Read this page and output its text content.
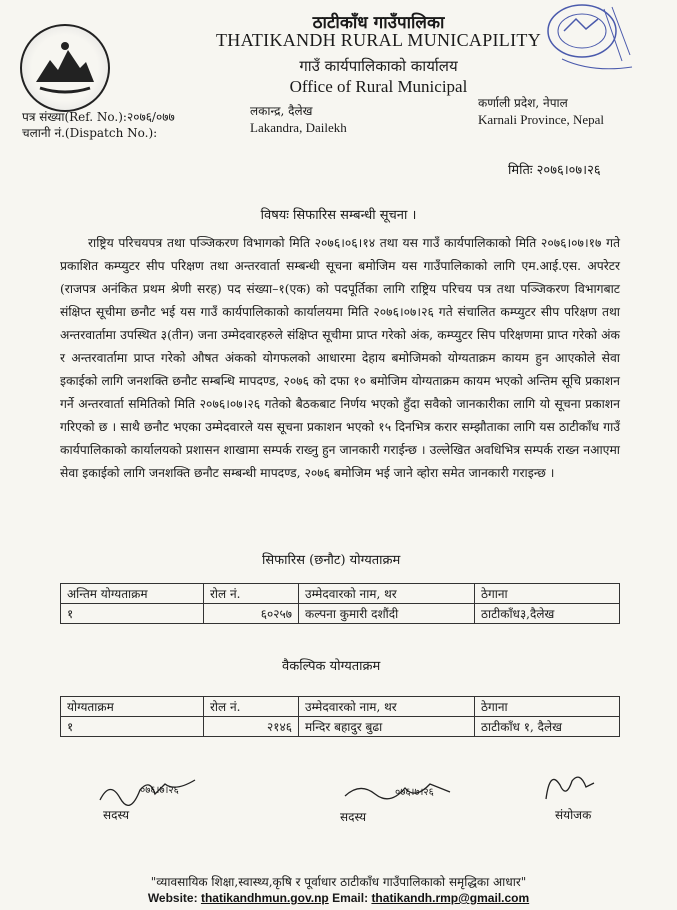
ठाटीकाँध गाउँपालिका
THATIKANDH RURAL MUNICAPILITY
गाउँ कार्यपालिकाको कार्यालय
Office of Rural Municipal
पत्र संख्या(Ref. No.):२०७६/०७७
चलानी नं.(Dispatch No.):
लकान्द्र, दैलेख
Lakandra, Dailekh
कर्णाली प्रदेश, नेपाल
Karnali Province, Nepal
मितिः २०७६।०७।२६
विषयः सिफारिस सम्बन्धी सूचना ।

राष्ट्रिय परिचयपत्र तथा पञ्जिकरण विभागको मिति २०७६।०६।१४ तथा यस गाउँ कार्यपालिकाको मिति २०७६।०७।१७ गते प्रकाशित कम्प्युटर सीप परिक्षण तथा अन्तरवार्ता सम्बन्धी सूचना बमोजिम यस गाउँपालिकाको लागि एम.आई.एस. अपरेटर (राजपत्र अनंकित प्रथम श्रेणी सरह) पद संख्या–१(एक) को पदपूर्तिका लागि राष्ट्रिय परिचय पत्र तथा पञ्जिकरण विभागबाट संक्षिप्त सूचीमा छनौट भई यस गाउँ कार्यपालिकाको कार्यालयमा मिति २०७६।०७।२६ गते संचालित कम्प्युटर सीप परिक्षण तथा अन्तरवार्तामा उपस्थित ३(तीन) जना उम्मेदवारहरुले संक्षिप्त सूचीमा प्राप्त गरेको अंक, कम्प्युटर सिप परिक्षणमा प्राप्त गरेको अंक र अन्तरवार्तामा प्राप्त गरेको औषत अंकको योगफलको आधारमा देहाय बमोजिमको योग्यताक्रम कायम हुन आएकोले सेवा इकाईको लागि जनशक्ति छनौट सम्बन्धि मापदण्ड, २०७६ को दफा १० बमोजिम योग्यताक्रम कायम भएको अन्तिम सूचि प्रकाशन गर्ने अन्तरवार्ता समितिको मिति २०७६।०७।२६ गतेको बैठकबाट निर्णय भएको हुँदा सवैको जानकारीका लागि यो सूचना प्रकाशन गरिएको छ । साथै छनौट भएका उम्मेदवारले यस सूचना प्रकाशन भएको १५ दिनभित्र करार सम्झौताका लागि यस ठाटीकाँध गाउँ कार्यपालिकाको कार्यालयको प्रशासन शाखामा सम्पर्क राख्नु हुन जानकारी गराईन्छ । उल्लेखित अवधिभित्र सम्पर्क राख्न नआएमा सेवा इकाईको लागि जनशक्ति छनौट सम्बन्धी मापदण्ड, २०७६ बमोजिम भई जाने व्होरा समेत जानकारी गराइन्छ ।

सिफारिस (छनौट) योग्यताक्रम
अन्तिम योग्यताक्रम	रोल नं.	उम्मेदवारको नाम, थर	ठेगाना
१	६०२५७	कल्पना कुमारी दशौंदी	ठाटीकाँध३,दैलेख
वैकल्पिक योग्यताक्रम
योग्यताक्रम	रोल नं.	उम्मेदवारको नाम, थर	ठेगाना
१	२१४६	मन्दिर बहादुर बुढा	ठाटीकाँध १, दैलेख
०७६।७।२६
सदस्य
०७६।७।२६
सदस्य	संयोजक
"व्यावसायिक शिक्षा,स्वास्थ्य,कृषि र पूर्वाधार ठाटीकाँध गाउँपालिकाको समृद्धिका आधार"
Website: thatikandhmun.gov.np Email: thatikandh.rmp@gmail.com
